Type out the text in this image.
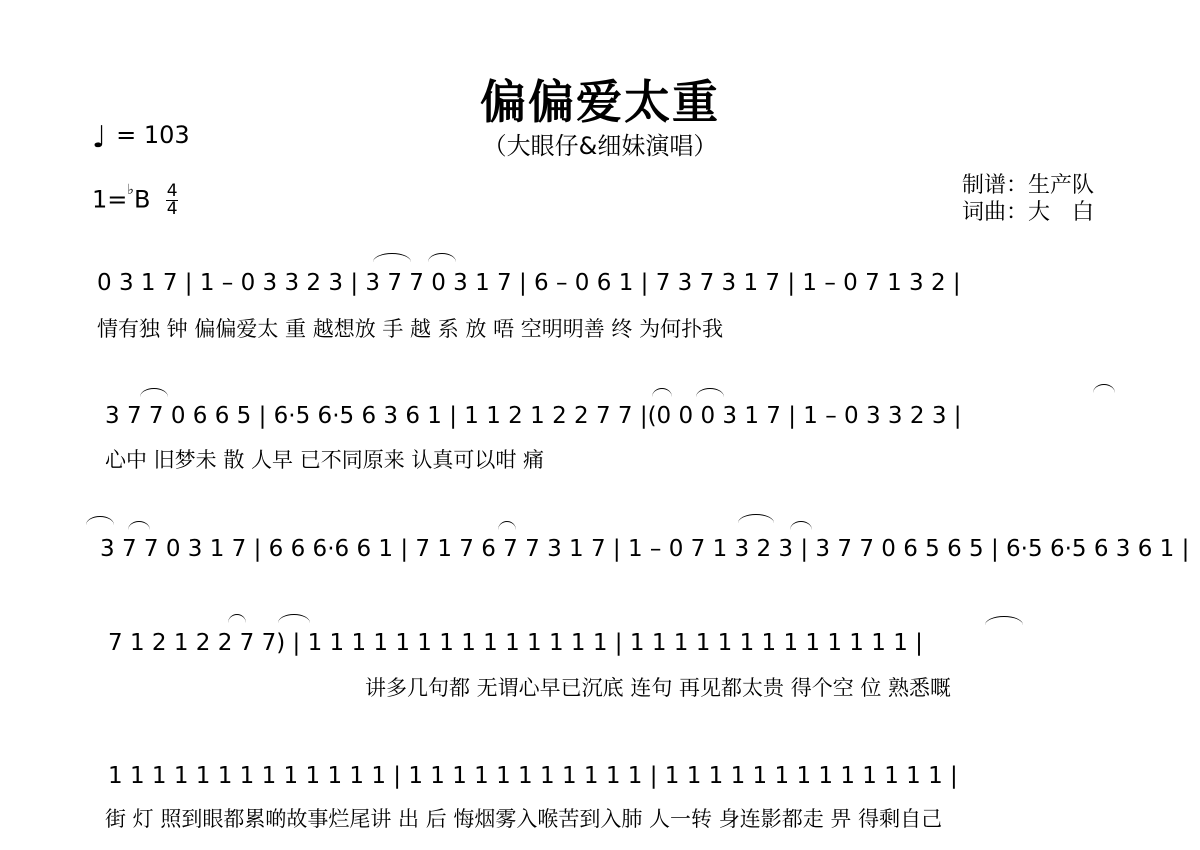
偏偏爱太重
（大眼仔&细妹演唱）
♩ = 103
$1=^♭B \frac{4}{4}$	制谱：生产队
词曲：大　白
0 3 1 7 | 1 – 0 3 3 2 3 | 3 7 7 0 3 1 7 | 6 – 0 6 1 | 7 3 7 3 1 7 | 1 – 0 7 1 3 2 |
情有独 钟 偏偏爱太 重 越想放 手 越 系 放 唔 空明明善 终 为何扑我
3 7 7 0 6 6 5 | 6·5 6·5 6 3 6 1 | 1 1 2 1 2 2 7 7 |(0 0 0 3 1 7 | 1 – 0 3 3 2 3 |
心中 旧梦未 散 人早 已不同原来 认真可以咁 痛
3 7 7 0 3 1 7 | 6 6 6·6 6 1 | 7 1 7 6 7 7 3 1 7 | 1 – 0 7 1 3 2 3 | 3 7 7 0 6 5 6 5 | 6·5 6·5 6 3 6 1 |
7 1 2 1 2 2 7 7) | 1 1 1 1 1 1 1 1 1 1 1 1 1 1 | 1 1 1 1 1 1 1 1 1 1 1 1 1 |
讲多几句都 无谓心早已沉底 连句 再见都太贵 得个空 位 熟悉嘅
1 1 1 1 1 1 1 1 1 1 1 1 1 | 1 1 1 1 1 1 1 1 1 1 1 | 1 1 1 1 1 1 1 1 1 1 1 1 1 |
街 灯 照到眼都累啲故事烂尾讲 出 后 悔烟雾入喉苦到入肺 人一转 身连影都走 畀 得剩自己
